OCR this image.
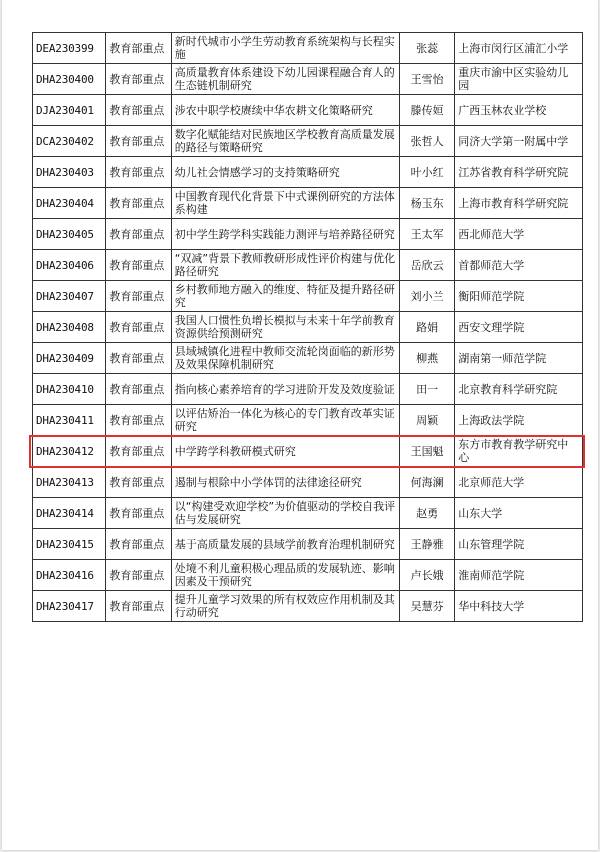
DEA230399	教育部重点	新时代城市小学生劳动教育系统架构与长程实施	张蕊	上海市闵行区浦汇小学
DHA230400	教育部重点	高质量教育体系建设下幼儿园课程融合育人的生态链机制研究	王雪怡	重庆市渝中区实验幼儿园
DJA230401	教育部重点	涉农中职学校赓续中华农耕文化策略研究	滕传姮	广西玉林农业学校
DCA230402	教育部重点	数字化赋能结对民族地区学校教育高质量发展的路径与策略研究	张哲人	同济大学第一附属中学
DHA230403	教育部重点	幼儿社会情感学习的支持策略研究	叶小红	江苏省教育科学研究院
DHA230404	教育部重点	中国教育现代化背景下中式课例研究的方法体系构建	杨玉东	上海市教育科学研究院
DHA230405	教育部重点	初中学生跨学科实践能力测评与培养路径研究	王太军	西北师范大学
DHA230406	教育部重点	“双减”背景下教师教研形成性评价构建与优化路径研究	岳欣云	首都师范大学
DHA230407	教育部重点	乡村教师地方融入的维度、特征及提升路径研究	刘小兰	衡阳师范学院
DHA230408	教育部重点	我国人口惯性负增长模拟与未来十年学前教育资源供给预测研究	路娟	西安文理学院
DHA230409	教育部重点	县域城镇化进程中教师交流轮岗面临的新形势及效果保障机制研究	柳燕	湖南第一师范学院
DHA230410	教育部重点	指向核心素养培育的学习进阶开发及效度验证	田一	北京教育科学研究院
DHA230411	教育部重点	以评估矫治一体化为核心的专门教育改革实证研究	周颖	上海政法学院
DHA230412	教育部重点	中学跨学科教研模式研究	王国魁	东方市教育教学研究中心
DHA230413	教育部重点	遏制与根除中小学体罚的法律途径研究	何海澜	北京师范大学
DHA230414	教育部重点	以“构建受欢迎学校”为价值驱动的学校自我评估与发展研究	赵勇	山东大学
DHA230415	教育部重点	基于高质量发展的县域学前教育治理机制研究	王静雅	山东管理学院
DHA230416	教育部重点	处境不利儿童积极心理品质的发展轨迹、影响因素及干预研究	卢长娥	淮南师范学院
DHA230417	教育部重点	提升儿童学习效果的所有权效应作用机制及其行动研究	吴慧芬	华中科技大学
